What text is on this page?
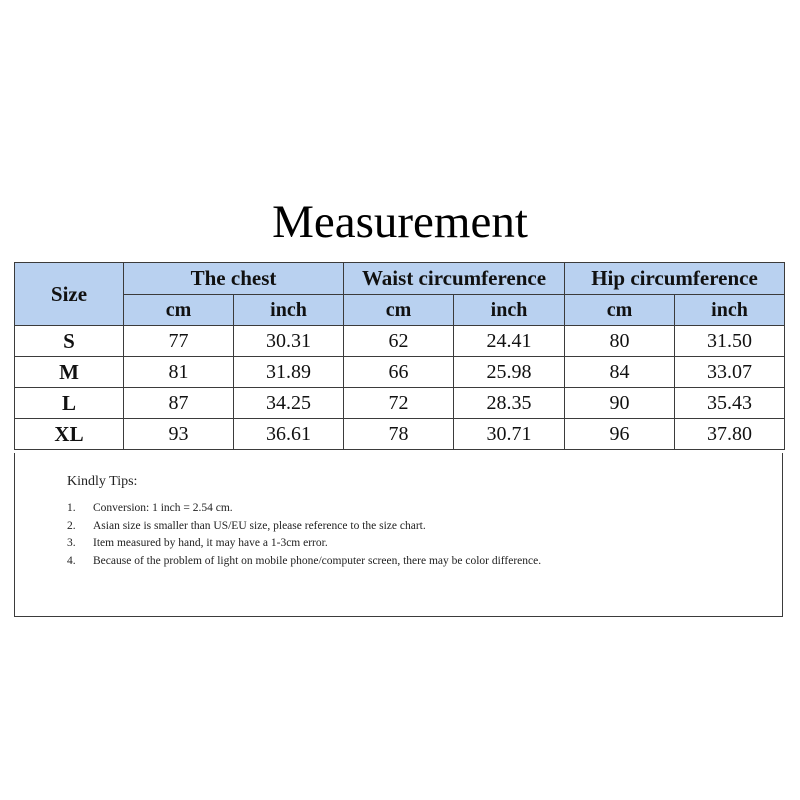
Measurement
Size	The chest		Waist circumference		Hip circumference	
	cm	inch	cm	inch	cm	inch
S	77	30.31	62	24.41	80	31.50
M	81	31.89	66	25.98	84	33.07
L	87	34.25	72	28.35	90	35.43
XL	93	36.61	78	30.71	96	37.80
Kindly Tips:
1. Conversion: 1 inch = 2.54 cm.
2. Asian size is smaller than US/EU size, please reference to the size chart.
3. Item measured by hand, it may have a 1-3cm error.
4. Because of the problem of light on mobile phone/computer screen, there may be color difference.
